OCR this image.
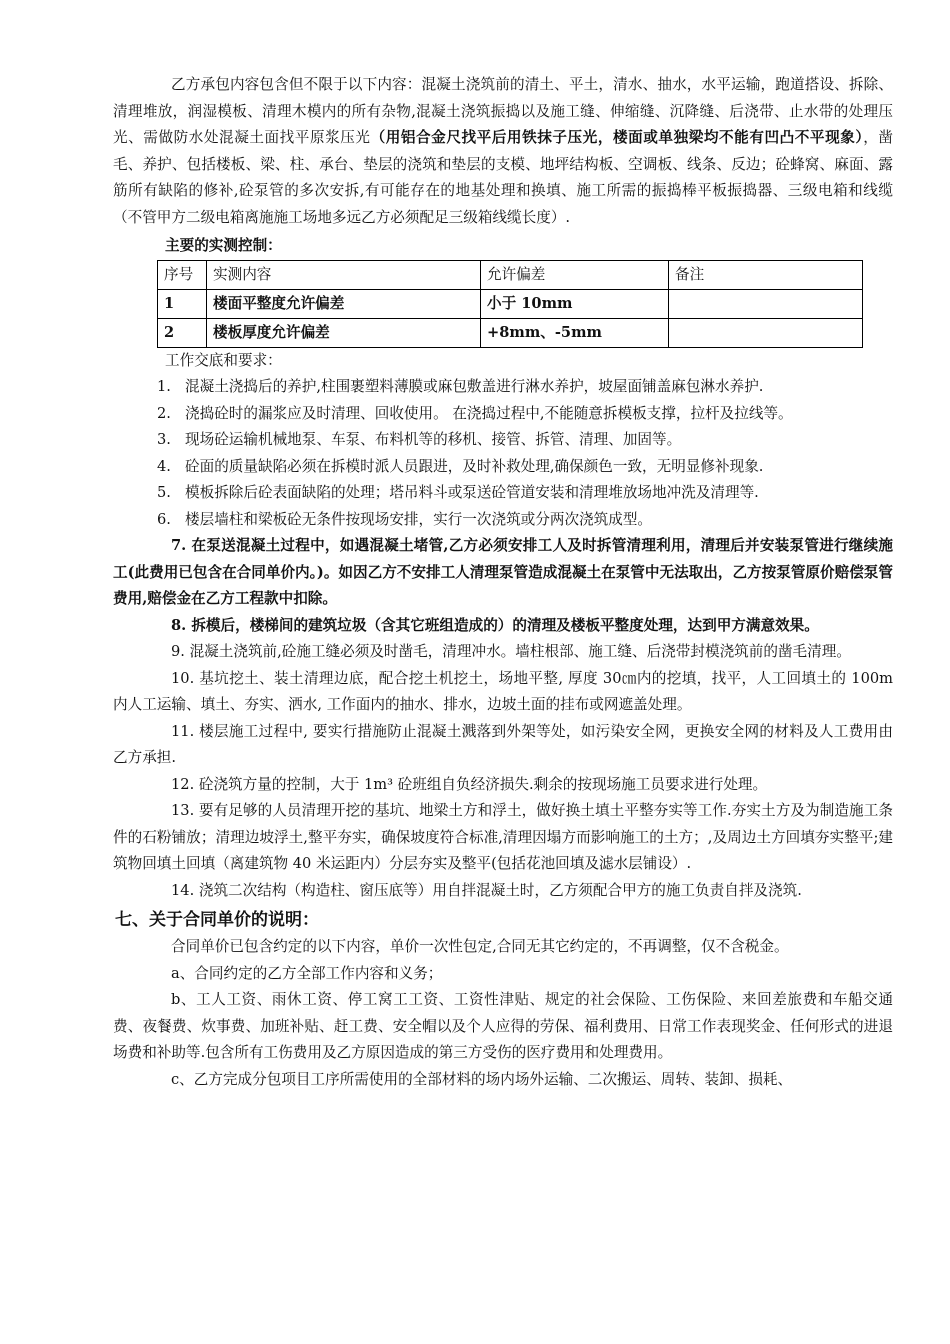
乙方承包内容包含但不限于以下内容：混凝土浇筑前的清土、平土，清水、抽水，水平运输，跑道搭设、拆除、清理堆放，润湿模板、清理木模内的所有杂物,混凝土浇筑振捣以及施工缝、伸缩缝、沉降缝、后浇带、止水带的处理压光、需做防水处混凝土面找平原浆压光（用铝合金尺找平后用铁抹子压光，楼面或单独梁均不能有凹凸不平现象），凿毛、养护、包括楼板、梁、柱、承台、垫层的浇筑和垫层的支模、地坪结构板、空调板、线条、反边；砼蜂窝、麻面、露筋所有缺陷的修补,砼泵管的多次安拆,有可能存在的地基处理和换填、施工所需的振捣棒平板振捣器、三级电箱和线缆（不管甲方二级电箱离施施工场地多远乙方必须配足三级箱线缆长度）.

主要的实测控制：

序号	实测内容	允许偏差	备注
1	楼面平整度允许偏差	小于 10mm	
2	楼板厚度允许偏差	+8mm、-5mm	

工作交底和要求：

1. 混凝土浇捣后的养护,柱围裹塑料薄膜或麻包敷盖进行淋水养护，坡屋面铺盖麻包淋水养护.

2. 浇捣砼时的漏浆应及时清理、回收使用。 在浇捣过程中,不能随意拆模板支撑，拉杆及拉线等。

3. 现场砼运输机械地泵、车泵、布料机等的移机、接管、拆管、清理、加固等。

4. 砼面的质量缺陷必须在拆模时派人员跟进，及时补救处理,确保颜色一致，无明显修补现象.

5. 模板拆除后砼表面缺陷的处理；塔吊料斗或泵送砼管道安装和清理堆放场地冲洗及清理等.

6. 楼层墙柱和梁板砼无条件按现场安排，实行一次浇筑或分两次浇筑成型。

7. 在泵送混凝土过程中，如遇混凝土堵管,乙方必须安排工人及时拆管清理利用，清理后并安装泵管进行继续施工(此费用已包含在合同单价内。)。如因乙方不安排工人清理泵管造成混凝土在泵管中无法取出，乙方按泵管原价赔偿泵管费用,赔偿金在乙方工程款中扣除。

8. 拆模后，楼梯间的建筑垃圾（含其它班组造成的）的清理及楼板平整度处理，达到甲方满意效果。

9. 混凝土浇筑前,砼施工缝必须及时凿毛，清理冲水。墙柱根部、施工缝、后浇带封模浇筑前的凿毛清理。

10. 基坑挖土、装土清理边底，配合挖土机挖土，场地平整, 厚度 30㎝内的挖填，找平，人工回填土的 100m 内人工运输、填土、夯实、洒水, 工作面内的抽水、排水，边坡土面的挂布或网遮盖处理。

11. 楼层施工过程中, 要实行措施防止混凝土溅落到外架等处，如污染安全网，更换安全网的材料及人工费用由乙方承担.

12. 砼浇筑方量的控制，大于 1m³ 砼班组自负经济损失.剩余的按现场施工员要求进行处理。

13. 要有足够的人员清理开挖的基坑、地梁土方和浮土，做好换土填土平整夯实等工作.夯实土方及为制造施工条件的石粉铺放；清理边坡浮土,整平夯实，确保坡度符合标准,清理因塌方而影响施工的土方；,及周边土方回填夯实整平;建筑物回填土回填（离建筑物 40 米运距内）分层夯实及整平(包括花池回填及滤水层铺设）.

14. 浇筑二次结构（构造柱、窗压底等）用自拌混凝土时，乙方须配合甲方的施工负责自拌及浇筑.

七、关于合同单价的说明：

合同单价已包含约定的以下内容，单价一次性包定,合同无其它约定的，不再调整，仅不含税金。

a、合同约定的乙方全部工作内容和义务；

b、工人工资、雨休工资、停工窝工工资、工资性津贴、规定的社会保险、工伤保险、来回差旅费和车船交通费、夜餐费、炊事费、加班补贴、赶工费、安全帽以及个人应得的劳保、福利费用、日常工作表现奖金、任何形式的进退场费和补助等.包含所有工伤费用及乙方原因造成的第三方受伤的医疗费用和处理费用。

c、乙方完成分包项目工序所需使用的全部材料的场内场外运输、二次搬运、周转、装卸、损耗、
